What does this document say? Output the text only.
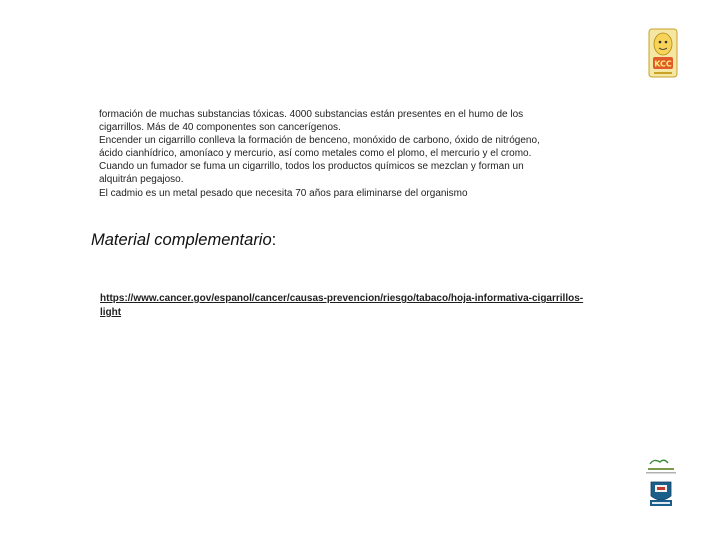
KCC
formación de muchas substancias tóxicas. 4000 substancias están presentes en el humo de los
cigarrillos. Más de 40 componentes son cancerígenos.
Encender un cigarrillo conlleva la formación de benceno, monóxido de carbono, óxido de nitrógeno,
ácido cianhídrico, amoníaco y mercurio, así como metales como el plomo, el mercurio y el cromo.
Cuando un fumador se fuma un cigarrillo, todos los productos químicos se mezclan y forman un
alquitrán pegajoso.
El cadmio es un metal pesado que necesita 70 años para eliminarse del organismo
Material complementario:
https://www.cancer.gov/espanol/cancer/causas-prevencion/riesgo/tabaco/hoja-informativa-cigarrillos-
light
